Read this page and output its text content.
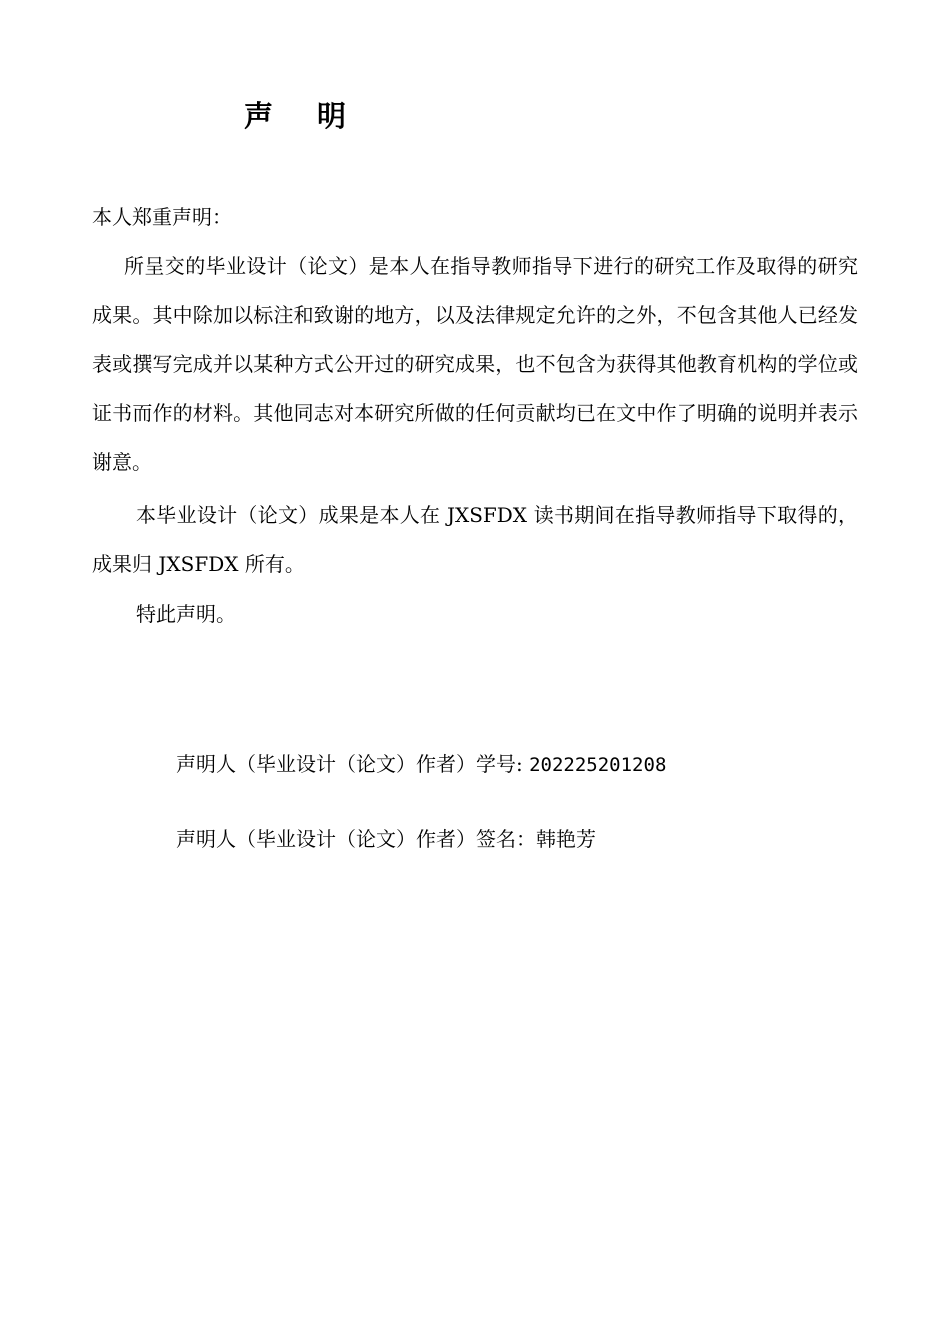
声明

本人郑重声明：

所呈交的毕业设计（论文）是本人在指导教师指导下进行的研究工作及取得的研究成果。其中除加以标注和致谢的地方，以及法律规定允许的之外，不包含其他人已经发表或撰写完成并以某种方式公开过的研究成果，也不包含为获得其他教育机构的学位或证书而作的材料。其他同志对本研究所做的任何贡献均已在文中作了明确的说明并表示谢意。

本毕业设计（论文）成果是本人在 JXSFDX 读书期间在指导教师指导下取得的，成果归 JXSFDX 所有。

特此声明。

声明人（毕业设计（论文）作者）学号: 202225201208

声明人（毕业设计（论文）作者）签名：韩艳芳
